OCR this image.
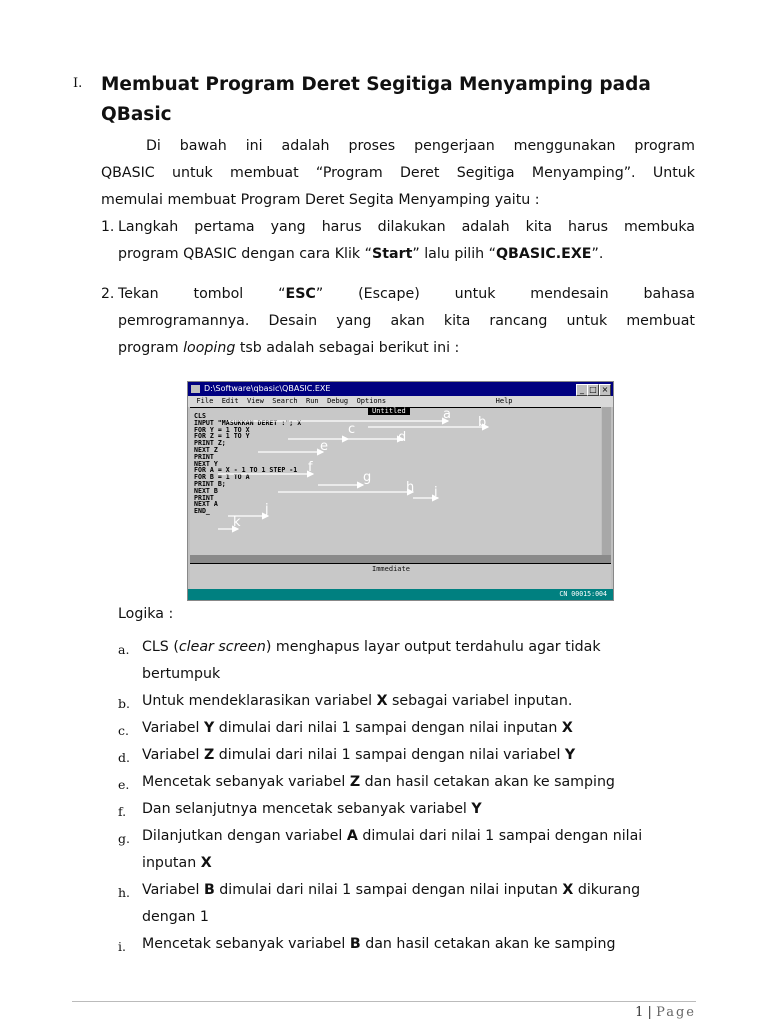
I. Membuat Program Deret Segitiga Menyamping pada QBasic
Di bawah ini adalah proses pengerjaan menggunakan program
QBASIC untuk membuat “Program Deret Segitiga Menyamping”. Untuk
memulai membuat Program Deret Segita Menyamping yaitu :
1. Langkah pertama yang harus dilakukan adalah kita harus membuka
program QBASIC dengan cara Klik “Start” lalu pilih “QBASIC.EXE”.
2. Tekan tombol “ESC” (Escape) untuk mendesain bahasa
pemrogramannya. Desain yang akan kita rancang untuk membuat
program looping tsb adalah sebagai berikut ini :
D:\Software\qbasic\QBASIC.EXE	_ □ ×
File  Edit  View  Search  Run  Debug  Options                          Help
Untitled
CLS
INPUT "MASUKKAN DERET :"; X
FOR Y = 1 TO X
FOR Z = 1 TO Y
PRINT Z;
NEXT Z
PRINT
NEXT Y
FOR A = X - 1 TO 1 STEP -1
FOR B = 1 TO A
PRINT B;
NEXT B
PRINT
NEXT A
END_
Immediate

<Shift+F1=Help> <F6=Window> <F2=Subs> <F5=Run> <F8=Step>

CN 00015:004

a
b
c
d
e
f
g
h i
j
k
Logika :
a. CLS (clear screen) menghapus layar output terdahulu agar tidak
bertumpuk
b. Untuk mendeklarasikan variabel X sebagai variabel inputan.
c. Variabel Y dimulai dari nilai 1 sampai dengan nilai inputan X
d. Variabel Z dimulai dari nilai 1 sampai dengan nilai variabel Y
e. Mencetak sebanyak variabel Z dan hasil cetakan akan ke samping
f. Dan selanjutnya mencetak sebanyak variabel Y
g. Dilanjutkan dengan variabel A dimulai dari nilai 1 sampai dengan nilai
inputan X
h. Variabel B dimulai dari nilai 1 sampai dengan nilai inputan X dikurang
dengan 1
i. Mencetak sebanyak variabel B dan hasil cetakan akan ke samping
1 | Page
